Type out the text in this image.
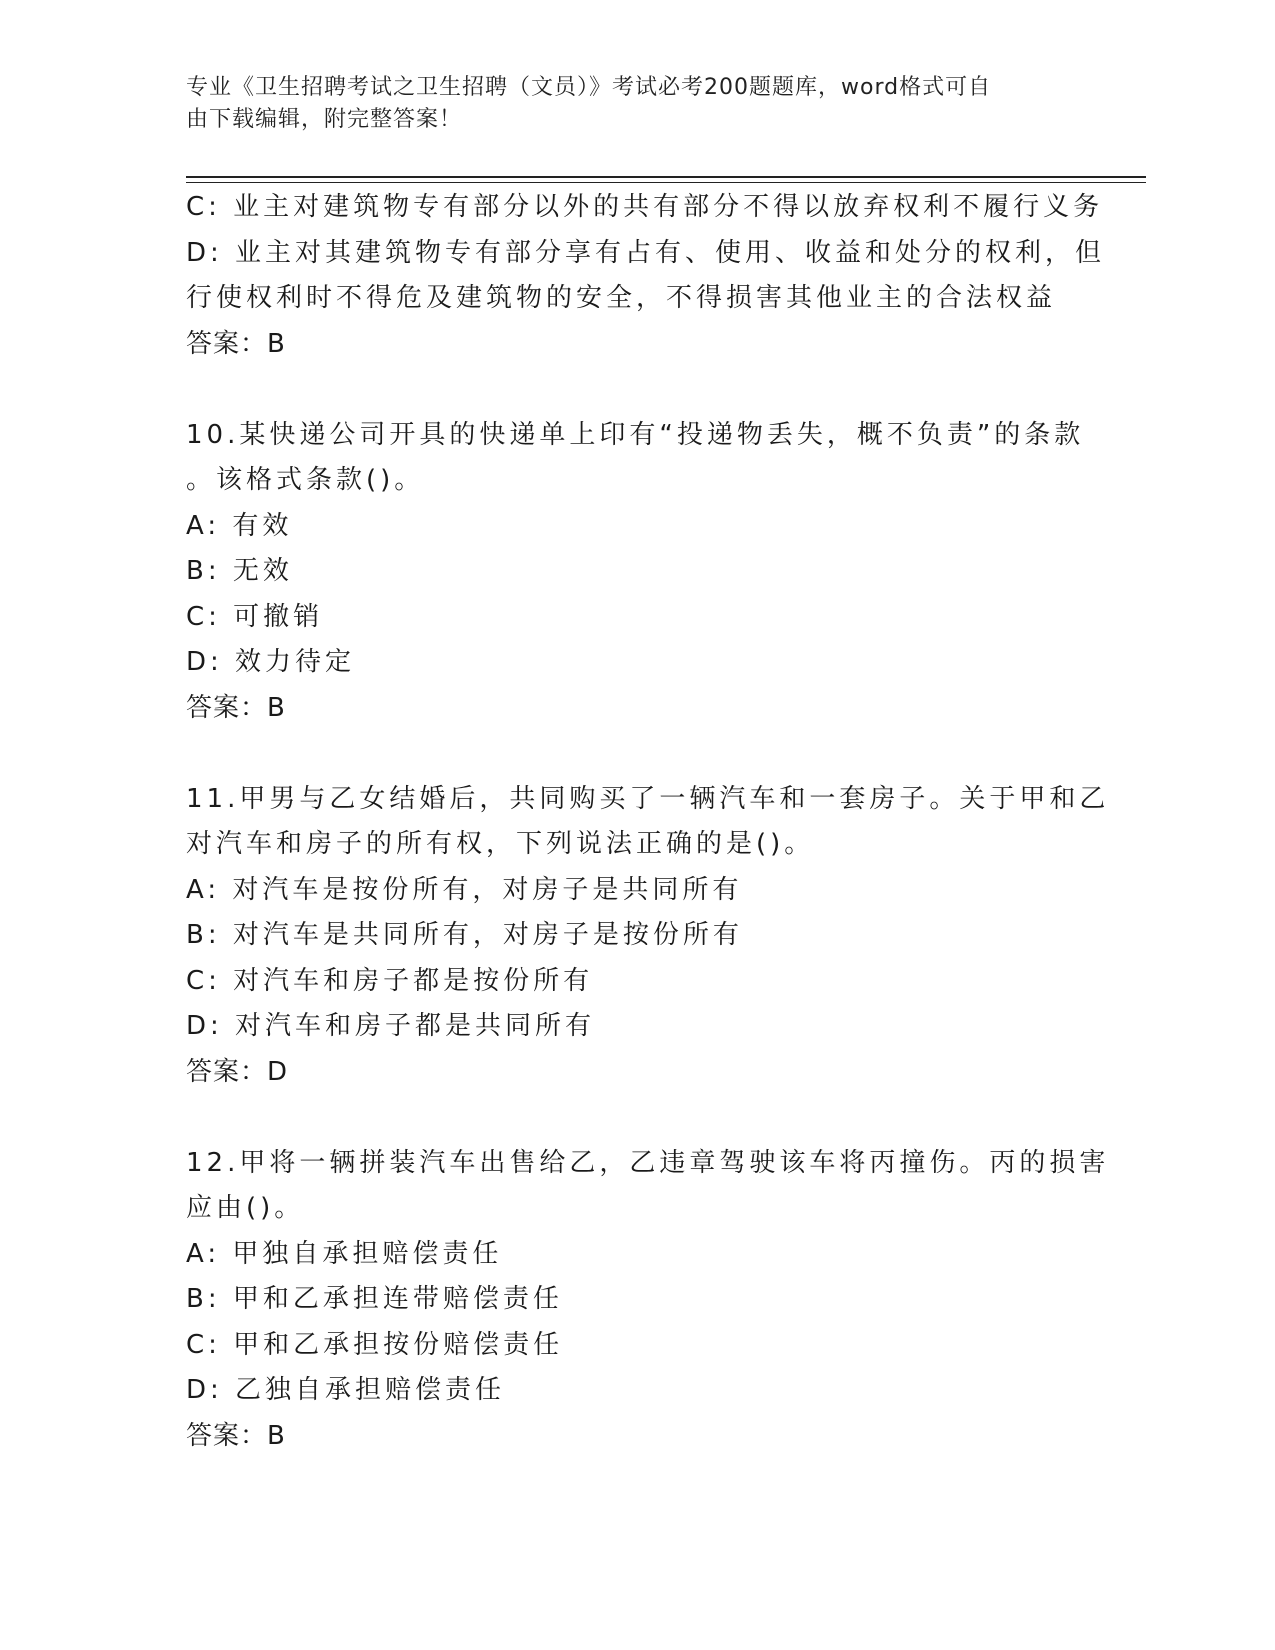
专业《卫生招聘考试之卫生招聘（文员）》考试必考200题题库，word格式可自
由下载编辑，附完整答案！
C: 业主对建筑物专有部分以外的共有部分不得以放弃权利不履行义务
D: 业主对其建筑物专有部分享有占有、使用、收益和处分的权利，但
行使权利时不得危及建筑物的安全，不得损害其他业主的合法权益
答案：B
10.某快递公司开具的快递单上印有“投递物丢失，概不负责”的条款
。该格式条款()。
A: 有效
B: 无效
C: 可撤销
D: 效力待定
答案：B
11.甲男与乙女结婚后，共同购买了一辆汽车和一套房子。关于甲和乙
对汽车和房子的所有权，下列说法正确的是()。
A: 对汽车是按份所有，对房子是共同所有
B: 对汽车是共同所有，对房子是按份所有
C: 对汽车和房子都是按份所有
D: 对汽车和房子都是共同所有
答案：D
12.甲将一辆拼装汽车出售给乙，乙违章驾驶该车将丙撞伤。丙的损害
应由()。
A: 甲独自承担赔偿责任
B: 甲和乙承担连带赔偿责任
C: 甲和乙承担按份赔偿责任
D: 乙独自承担赔偿责任
答案：B
